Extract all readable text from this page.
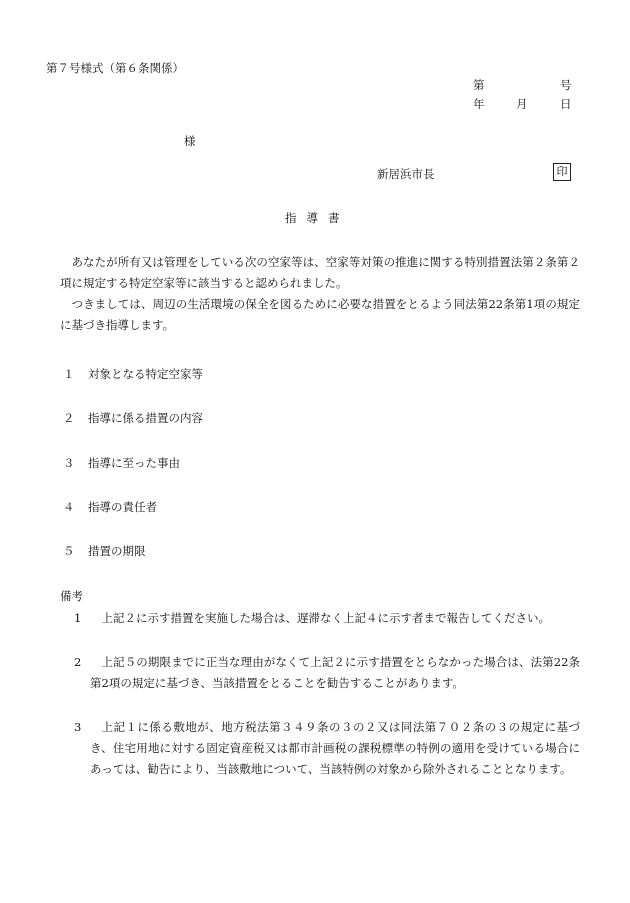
第７号様式（第６条関係）
第	号
年	月	日
様
新居浜市長	印
指導書
あなたが所有又は管理をしている次の空家等は、空家等対策の推進に関する特別措置法第２条第２項に規定する特定空家等に該当すると認められました。
つきましては、周辺の生活環境の保全を図るために必要な措置をとるよう同法第22条第1項の規定に基づき指導します。
１ 対象となる特定空家等
２ 指導に係る措置の内容
３ 指導に至った事由
４ 指導の責任者
５ 措置の期限
備考
1	上記２に示す措置を実施した場合は、遅滞なく上記４に示す者まで報告してください。
2	上記５の期限までに正当な理由がなくて上記２に示す措置をとらなかった場合は、法第22条第2項の規定に基づき、当該措置をとることを勧告することがあります。
3	上記１に係る敷地が、地方税法第３４９条の３の２又は同法第７０２条の３の規定に基づき、住宅用地に対する固定資産税又は都市計画税の課税標準の特例の適用を受けている場合にあっては、勧告により、当該敷地について、当該特例の対象から除外されることとなります。
